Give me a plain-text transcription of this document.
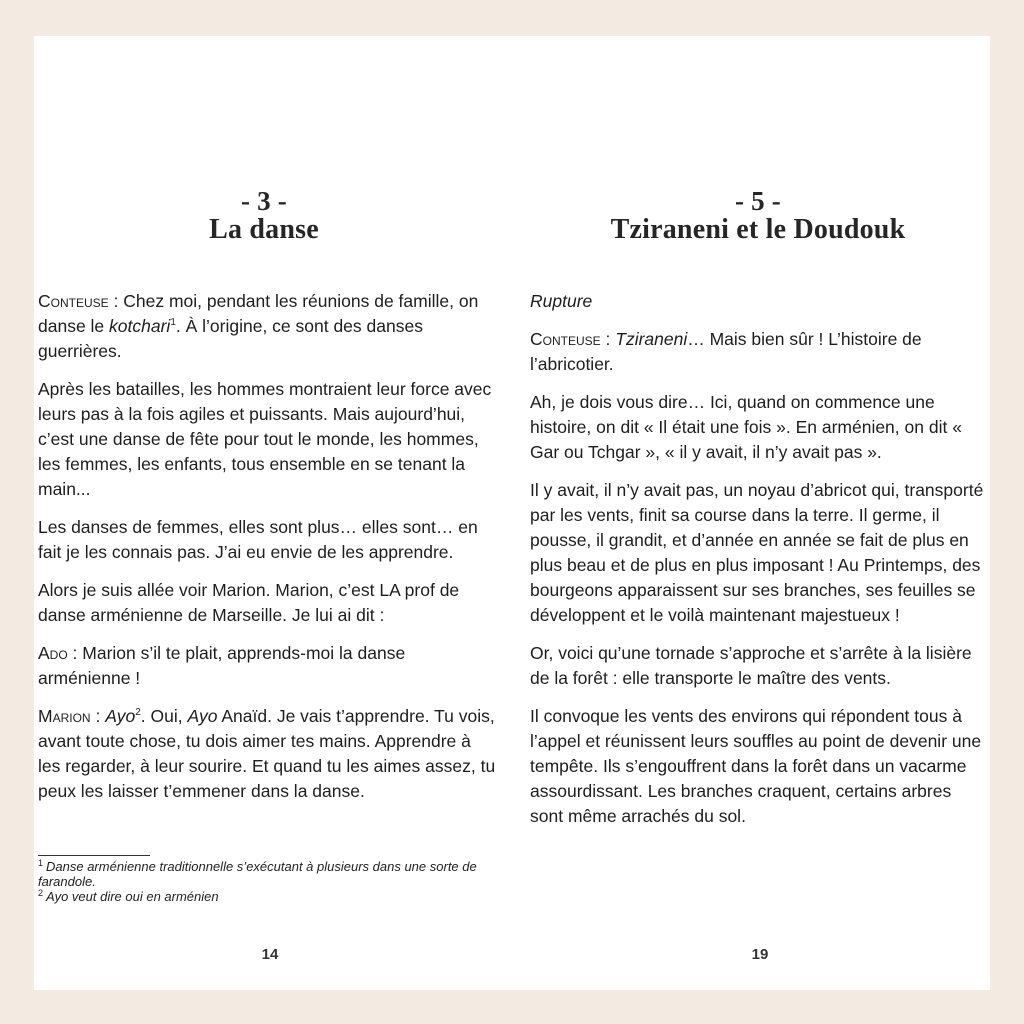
- 3 -
La danse

Conteuse : Chez moi, pendant les réunions de famille, on danse le kotchari$^1$. À l’origine, ce sont des danses guerrières.

Après les batailles, les hommes montraient leur force avec leurs pas à la fois agiles et puissants. Mais aujourd’hui, c’est une danse de fête pour tout le monde, les hommes, les femmes, les enfants, tous ensemble en se tenant la main...

Les danses de femmes, elles sont plus… elles sont… en fait je les connais pas. J’ai eu envie de les apprendre.

Alors je suis allée voir Marion. Marion, c’est LA prof de danse arménienne de Marseille. Je lui ai dit :

Ado : Marion s’il te plait, apprends-moi la danse arménienne !

Marion : Ayo$^2$. Oui, Ayo Anaïd. Je vais t’apprendre. Tu vois, avant toute chose, tu dois aimer tes mains. Apprendre à les regarder, à leur sourire. Et quand tu les aimes assez, tu peux les laisser t’emmener dans la danse.

$^1$ Danse arménienne traditionnelle s’exécutant à plusieurs dans une sorte de farandole.
$^2$ Ayo veut dire oui en arménien
14
- 5 -
Tziraneni et le Doudouk

Rupture

Conteuse : Tziraneni… Mais bien sûr ! L’histoire de l’abricotier.

Ah, je dois vous dire… Ici, quand on commence une histoire, on dit « Il était une fois ». En arménien, on dit « Gar ou Tchgar », « il y avait, il n’y avait pas ».

Il y avait, il n’y avait pas, un noyau d’abricot qui, transporté par les vents, finit sa course dans la terre. Il germe, il pousse, il grandit, et d’année en année se fait de plus en plus beau et de plus en plus imposant ! Au Printemps, des bourgeons apparaissent sur ses branches, ses feuilles se développent et le voilà maintenant majestueux !

Or, voici qu’une tornade s’approche et s’arrête à la lisière de la forêt : elle transporte le maître des vents.

Il convoque les vents des environs qui répondent tous à l’appel et réunissent leurs souffles au point de devenir une tempête. Ils s’engouffrent dans la forêt dans un vacarme assourdissant. Les branches craquent, certains arbres sont même arrachés du sol.

19
